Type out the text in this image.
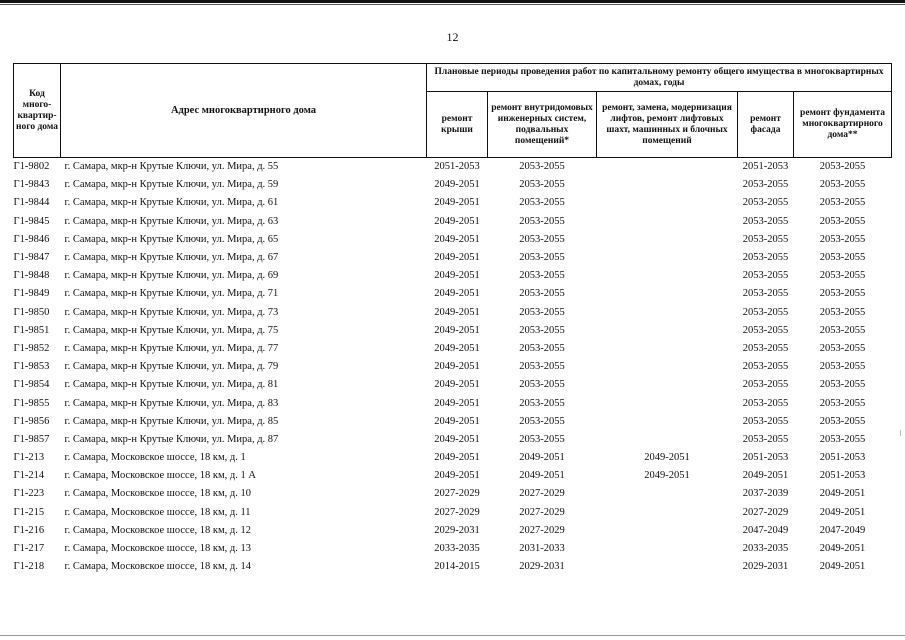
12
Код много-квартир-ного дома	Адрес многоквартирного дома	Плановые периоды проведения работ по капитальному ремонту общего имущества в многоквартирных домах, годы				
		ремонт крыши	ремонт внутридомовых инженерных систем, подвальных помещений*	ремонт, замена, модернизация лифтов, ремонт лифтовых шахт, машинных и блочных помещений	ремонт фасада	ремонт фундамента многоквартирного дома**
Г1-9802	г. Самара, мкр-н Крутые Ключи, ул. Мира, д. 55	2051-2053	2053-2055		2051-2053	2053-2055
Г1-9843	г. Самара, мкр-н Крутые Ключи, ул. Мира, д. 59	2049-2051	2053-2055		2053-2055	2053-2055
Г1-9844	г. Самара, мкр-н Крутые Ключи, ул. Мира, д. 61	2049-2051	2053-2055		2053-2055	2053-2055
Г1-9845	г. Самара, мкр-н Крутые Ключи, ул. Мира, д. 63	2049-2051	2053-2055		2053-2055	2053-2055
Г1-9846	г. Самара, мкр-н Крутые Ключи, ул. Мира, д. 65	2049-2051	2053-2055		2053-2055	2053-2055
Г1-9847	г. Самара, мкр-н Крутые Ключи, ул. Мира, д. 67	2049-2051	2053-2055		2053-2055	2053-2055
Г1-9848	г. Самара, мкр-н Крутые Ключи, ул. Мира, д. 69	2049-2051	2053-2055		2053-2055	2053-2055
Г1-9849	г. Самара, мкр-н Крутые Ключи, ул. Мира, д. 71	2049-2051	2053-2055		2053-2055	2053-2055
Г1-9850	г. Самара, мкр-н Крутые Ключи, ул. Мира, д. 73	2049-2051	2053-2055		2053-2055	2053-2055
Г1-9851	г. Самара, мкр-н Крутые Ключи, ул. Мира, д. 75	2049-2051	2053-2055		2053-2055	2053-2055
Г1-9852	г. Самара, мкр-н Крутые Ключи, ул. Мира, д. 77	2049-2051	2053-2055		2053-2055	2053-2055
Г1-9853	г. Самара, мкр-н Крутые Ключи, ул. Мира, д. 79	2049-2051	2053-2055		2053-2055	2053-2055
Г1-9854	г. Самара, мкр-н Крутые Ключи, ул. Мира, д. 81	2049-2051	2053-2055		2053-2055	2053-2055
Г1-9855	г. Самара, мкр-н Крутые Ключи, ул. Мира, д. 83	2049-2051	2053-2055		2053-2055	2053-2055
Г1-9856	г. Самара, мкр-н Крутые Ключи, ул. Мира, д. 85	2049-2051	2053-2055		2053-2055	2053-2055
Г1-9857	г. Самара, мкр-н Крутые Ключи, ул. Мира, д. 87	2049-2051	2053-2055		2053-2055	2053-2055
Г1-213	г. Самара, Московское шоссе, 18 км, д. 1	2049-2051	2049-2051	2049-2051	2051-2053	2051-2053
Г1-214	г. Самара, Московское шоссе, 18 км, д. 1 А	2049-2051	2049-2051	2049-2051	2049-2051	2051-2053
Г1-223	г. Самара, Московское шоссе, 18 км, д. 10	2027-2029	2027-2029		2037-2039	2049-2051
Г1-215	г. Самара, Московское шоссе, 18 км, д. 11	2027-2029	2027-2029		2027-2029	2049-2051
Г1-216	г. Самара, Московское шоссе, 18 км, д. 12	2029-2031	2027-2029		2047-2049	2047-2049
Г1-217	г. Самара, Московское шоссе, 18 км, д. 13	2033-2035	2031-2033		2033-2035	2049-2051
Г1-218	г. Самара, Московское шоссе, 18 км, д. 14	2014-2015	2029-2031		2029-2031	2049-2051
